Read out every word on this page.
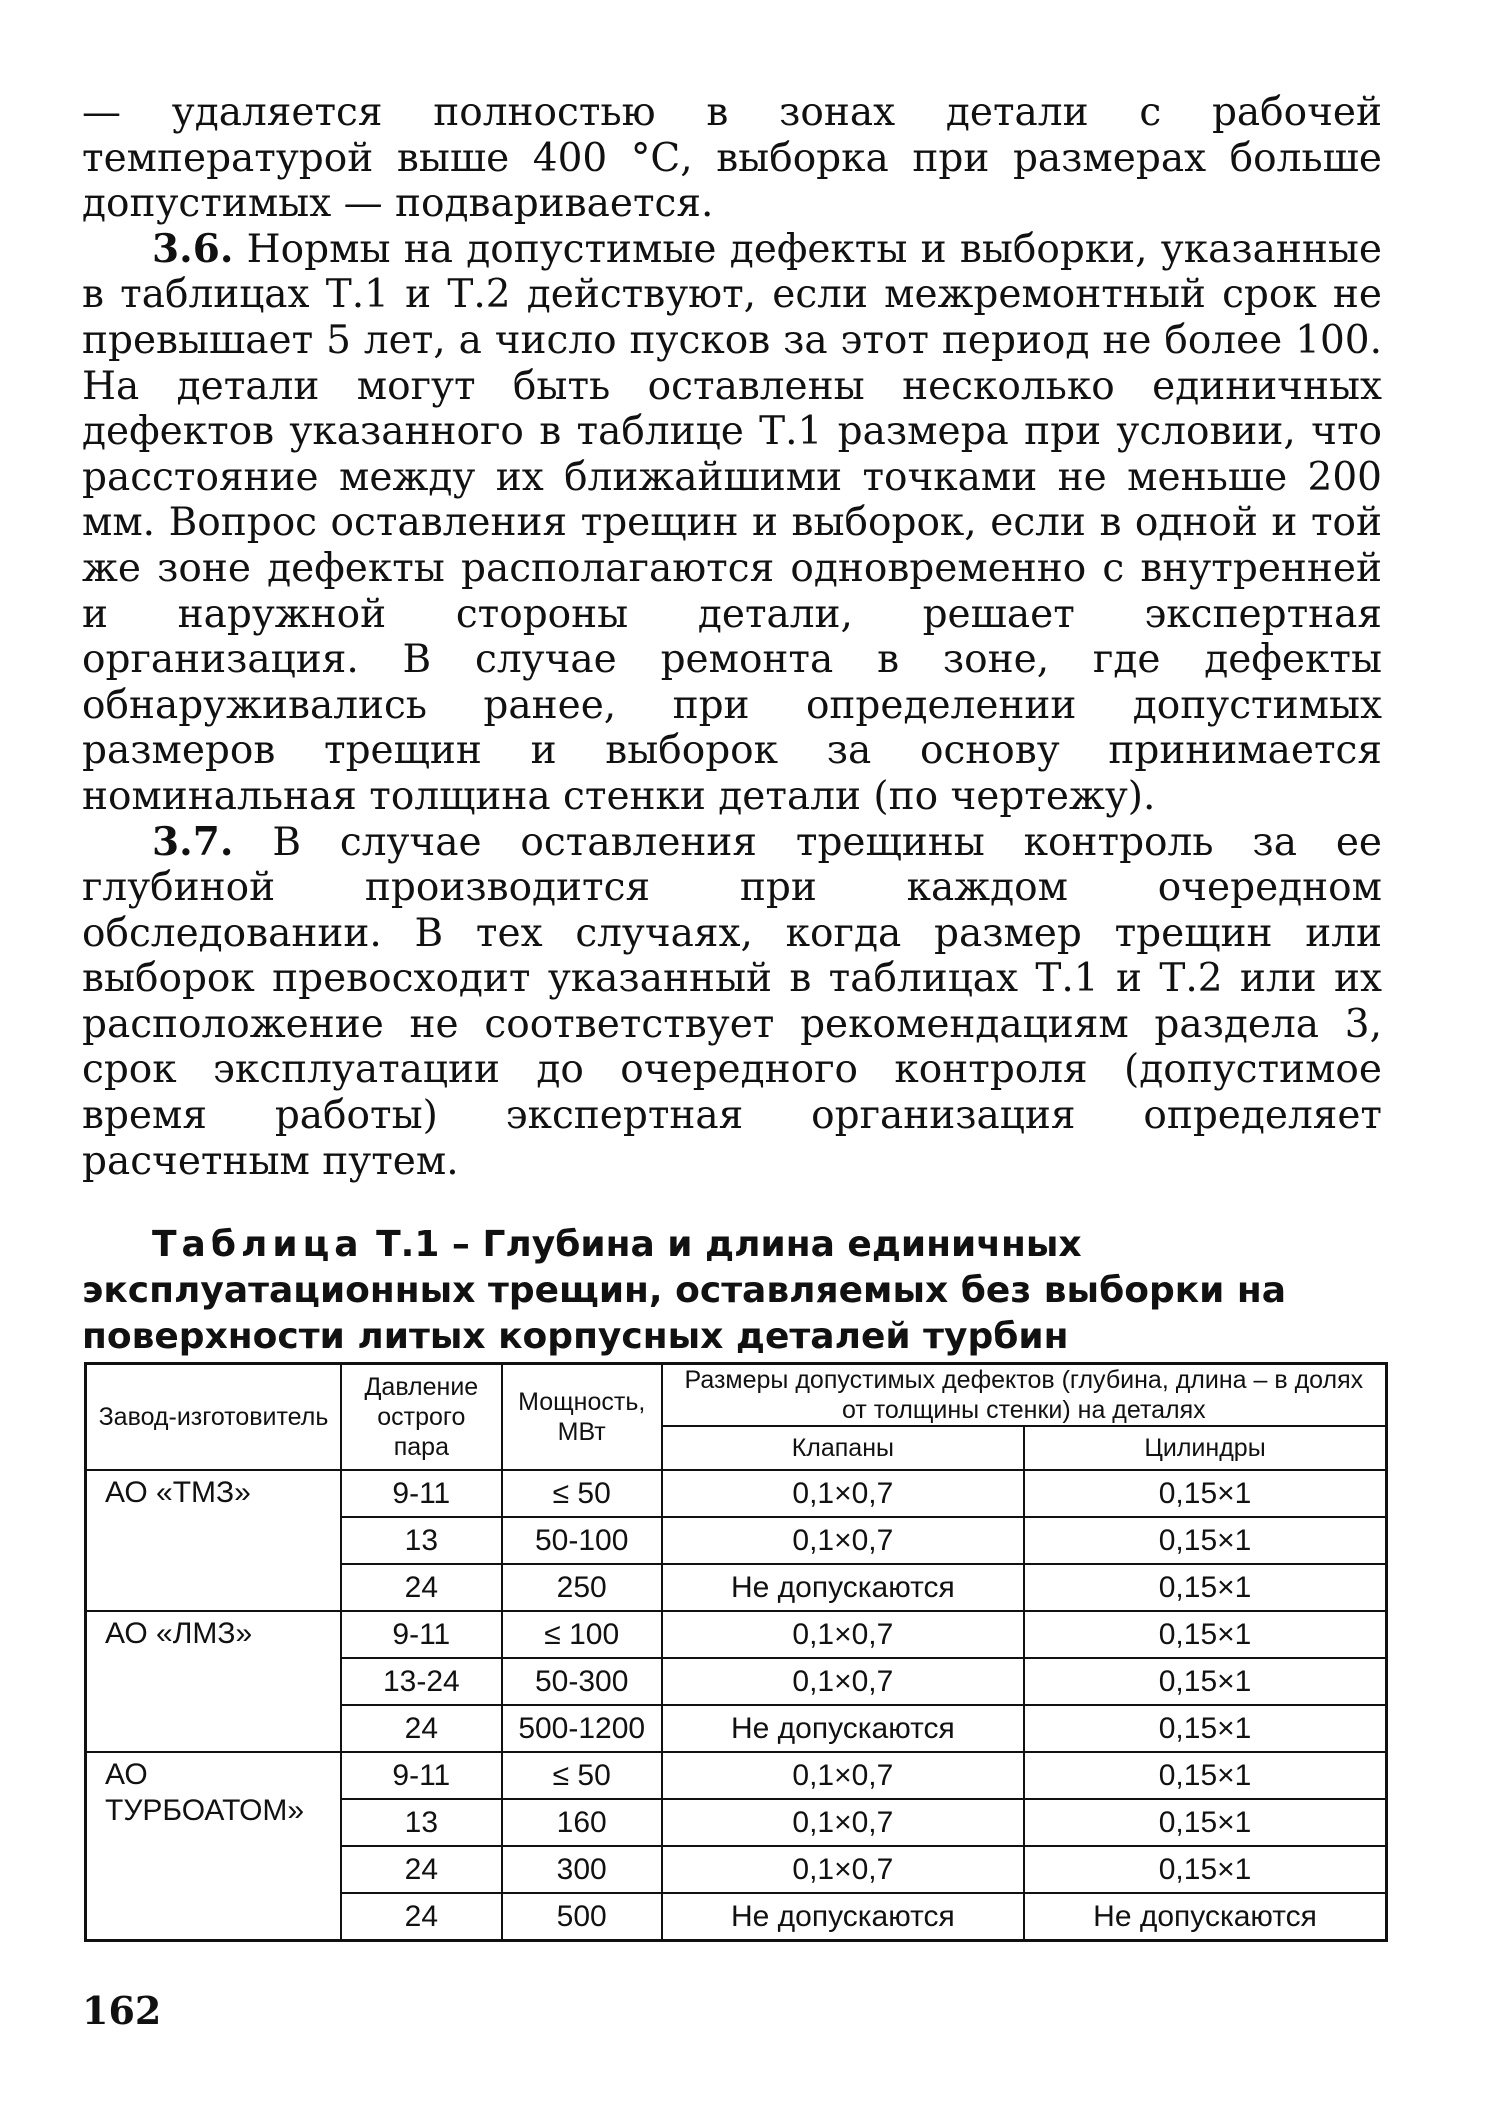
— удаляется полностью в зонах детали с рабочей температурой выше 400 °С, выборка при размерах больше допустимых — подваривается.

3.6. Нормы на допустимые дефекты и выборки, указанные в таблицах Т.1 и Т.2 действуют, если межремонтный срок не превышает 5 лет, а число пусков за этот период не более 100. На детали могут быть оставлены несколько единичных дефектов указанного в таблице Т.1 размера при условии, что расстояние между их ближайшими точками не меньше 200 мм. Вопрос оставления трещин и выборок, если в одной и той же зоне дефекты располагаются одновременно с внутренней и наружной стороны детали, решает экспертная организация. В случае ремонта в зоне, где дефекты обнаруживались ранее, при определении допустимых размеров трещин и выборок за основу принимается номинальная толщина стенки детали (по чертежу).

3.7. В случае оставления трещины контроль за ее глубиной производится при каждом очередном обследовании. В тех случаях, когда размер трещин или выборок превосходит указанный в таблицах Т.1 и Т.2 или их расположение не соответствует рекомендациям раздела 3, срок эксплуатации до очередного контроля (допустимое время работы) экспертная организация определяет расчетным путем.

Таблица Т.1 – Глубина и длина единичных эксплуатационных трещин, оставляемых без выборки на поверхности литых корпусных деталей турбин
Завод-изготовитель	Давление острого пара	Мощность, МВт	Размеры допустимых дефектов (глубина, длина – в долях от толщины стенки) на деталях	
			Клапаны	Цилиндры
АО «ТМЗ»	9-11	≤ 50	0,1×0,7	0,15×1
	13	50-100	0,1×0,7	0,15×1
	24	250	Не допускаются	0,15×1
АО «ЛМЗ»	9-11	≤ 100	0,1×0,7	0,15×1
	13-24	50-300	0,1×0,7	0,15×1
	24	500-1200	Не допускаются	0,15×1
АО ТУРБОАТОМ»	9-11	≤ 50	0,1×0,7	0,15×1
	13	160	0,1×0,7	0,15×1
	24	300	0,1×0,7	0,15×1
	24	500	Не допускаются	Не допускаются
162
